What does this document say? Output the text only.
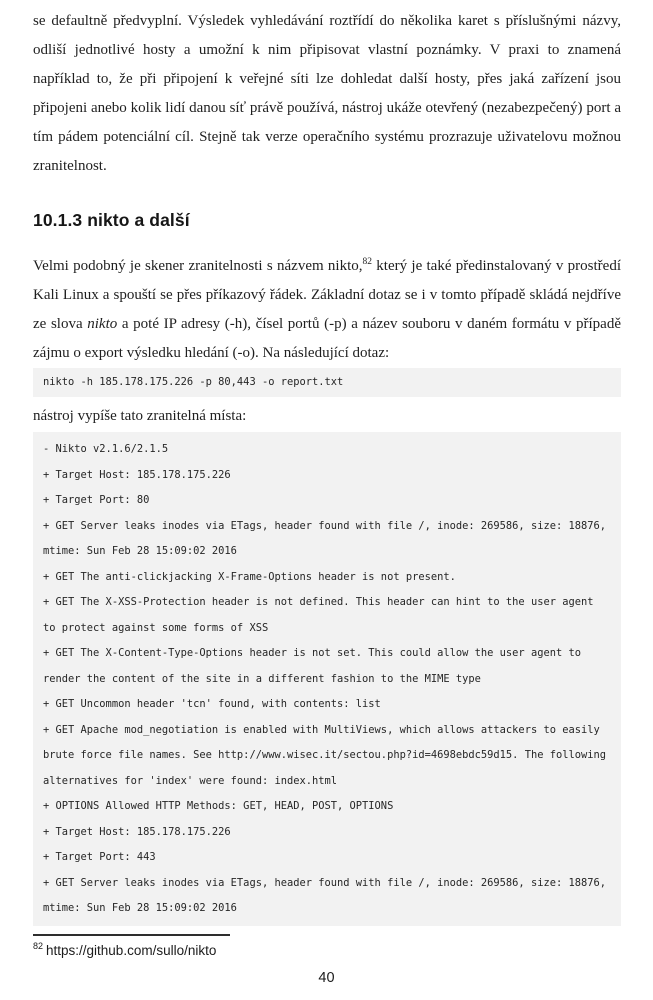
se defaultně předvyplní. Výsledek vyhledávání roztřídí do několika karet s příslušnými názvy, odliší jednotlivé hosty a umožní k nim připisovat vlastní poznámky. V praxi to znamená například to, že při připojení k veřejné síti lze dohledat další hosty, přes jaká zařízení jsou připojeni anebo kolik lidí danou síť právě používá, nástroj ukáže otevřený (nezabezpečený) port a tím pádem potenciální cíl. Stejně tak verze operačního systému prozrazuje uživatelovu možnou zranitelnost.

10.1.3 nikto a další

Velmi podobný je skener zranitelnosti s názvem nikto,$^{82}$ který je také předinstalovaný v prostředí Kali Linux a spouští se přes příkazový řádek. Základní dotaz se i v tomto případě skládá nejdříve ze slova nikto a poté IP adresy (-h), čísel portů (-p) a název souboru v daném formátu v případě zájmu o export výsledku hledání (-o). Na následující dotaz:

nikto -h 185.178.175.226 -p 80,443 -o report.txt

nástroj vypíše tato zranitelná místa:

- Nikto v2.1.6/2.1.5
+ Target Host: 185.178.175.226
+ Target Port: 80
+ GET Server leaks inodes via ETags, header found with file /, inode: 269586, size: 18876, mtime: Sun Feb 28 15:09:02 2016
+ GET The anti-clickjacking X-Frame-Options header is not present.
+ GET The X-XSS-Protection header is not defined. This header can hint to the user agent to protect against some forms of XSS
+ GET The X-Content-Type-Options header is not set. This could allow the user agent to render the content of the site in a different fashion to the MIME type
+ GET Uncommon header 'tcn' found, with contents: list
+ GET Apache mod_negotiation is enabled with MultiViews, which allows attackers to easily brute force file names. See http://www.wisec.it/sectou.php?id=4698ebdc59d15. The following alternatives for 'index' were found: index.html
+ OPTIONS Allowed HTTP Methods: GET, HEAD, POST, OPTIONS
+ Target Host: 185.178.175.226
+ Target Port: 443
+ GET Server leaks inodes via ETags, header found with file /, inode: 269586, size: 18876, mtime: Sun Feb 28 15:09:02 2016
$^{82}$ https://github.com/sullo/nikto
40
